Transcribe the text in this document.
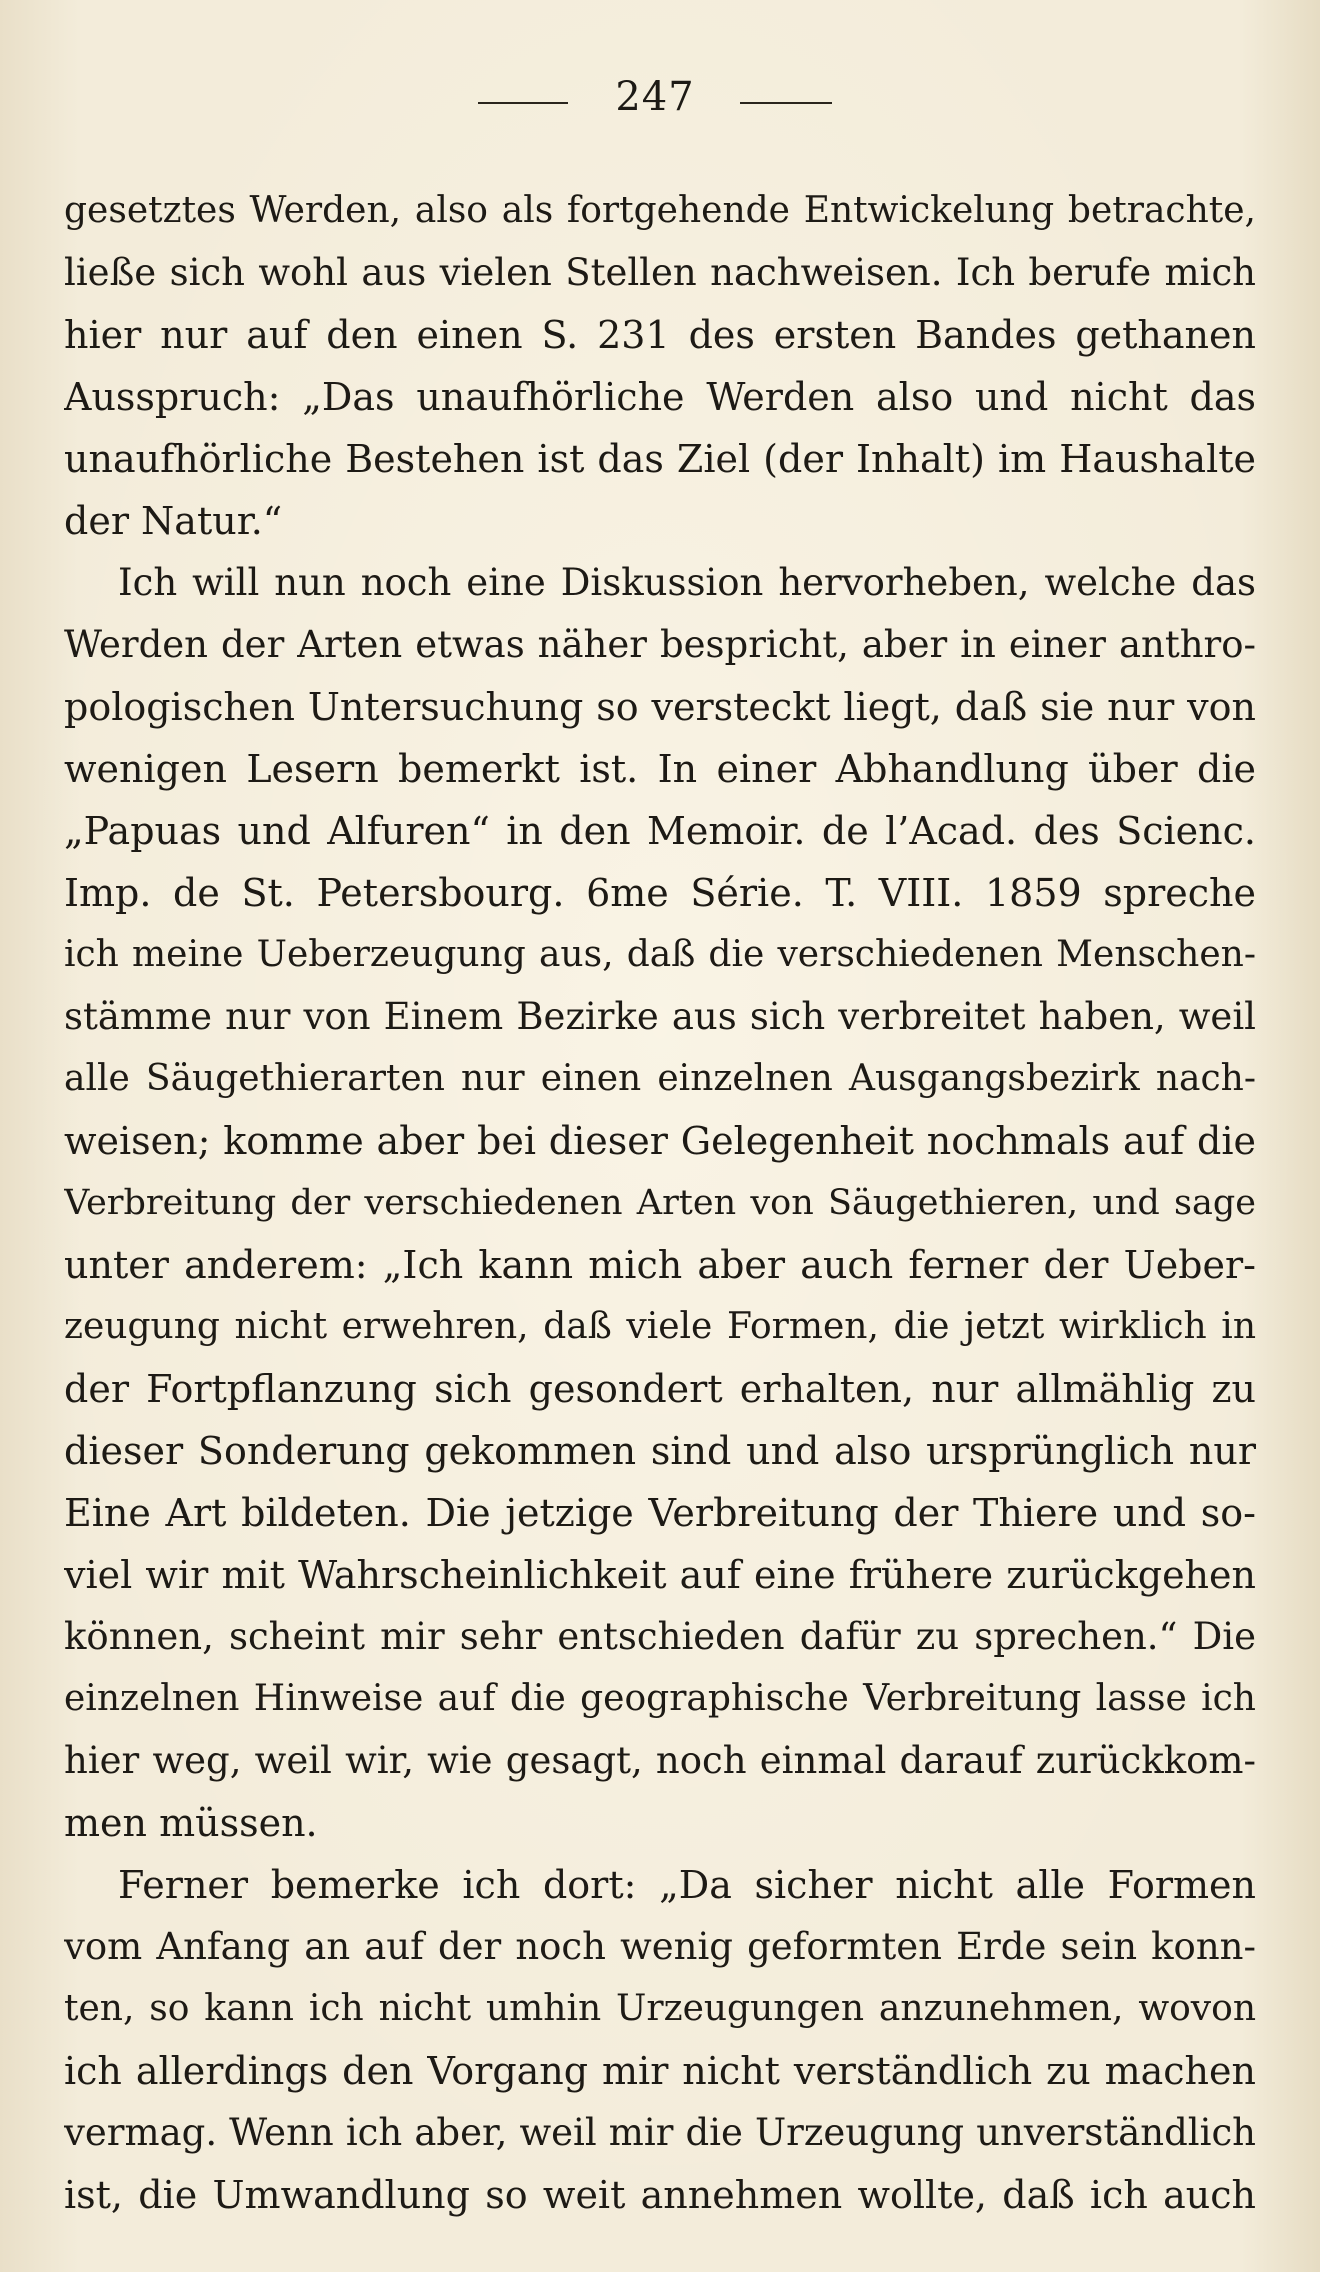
247
gesetztes Werden, also als fortgehende Entwickelung betrachte,
ließe sich wohl aus vielen Stellen nachweisen. Ich berufe mich
hier nur auf den einen S. 231 des ersten Bandes gethanen
Ausspruch: „Das unaufhörliche Werden also und nicht das
unaufhörliche Bestehen ist das Ziel (der Inhalt) im Haushalte
der Natur.“
Ich will nun noch eine Diskussion hervorheben, welche das
Werden der Arten etwas näher bespricht, aber in einer anthro-
pologischen Untersuchung so versteckt liegt, daß sie nur von
wenigen Lesern bemerkt ist. In einer Abhandlung über die
„Papuas und Alfuren“ in den Memoir. de l’Acad. des Scienc.
Imp. de St. Petersbourg. 6me Série. T. VIII. 1859 spreche
ich meine Ueberzeugung aus, daß die verschiedenen Menschen-
stämme nur von Einem Bezirke aus sich verbreitet haben, weil
alle Säugethierarten nur einen einzelnen Ausgangsbezirk nach-
weisen; komme aber bei dieser Gelegenheit nochmals auf die
Verbreitung der verschiedenen Arten von Säugethieren, und sage
unter anderem: „Ich kann mich aber auch ferner der Ueber-
zeugung nicht erwehren, daß viele Formen, die jetzt wirklich in
der Fortpflanzung sich gesondert erhalten, nur allmählig zu
dieser Sonderung gekommen sind und also ursprünglich nur
Eine Art bildeten. Die jetzige Verbreitung der Thiere und so-
viel wir mit Wahrscheinlichkeit auf eine frühere zurückgehen
können, scheint mir sehr entschieden dafür zu sprechen.“ Die
einzelnen Hinweise auf die geographische Verbreitung lasse ich
hier weg, weil wir, wie gesagt, noch einmal darauf zurückkom-
men müssen.
Ferner bemerke ich dort: „Da sicher nicht alle Formen
vom Anfang an auf der noch wenig geformten Erde sein konn-
ten, so kann ich nicht umhin Urzeugungen anzunehmen, wovon
ich allerdings den Vorgang mir nicht verständlich zu machen
vermag. Wenn ich aber, weil mir die Urzeugung unverständlich
ist, die Umwandlung so weit annehmen wollte, daß ich auch
